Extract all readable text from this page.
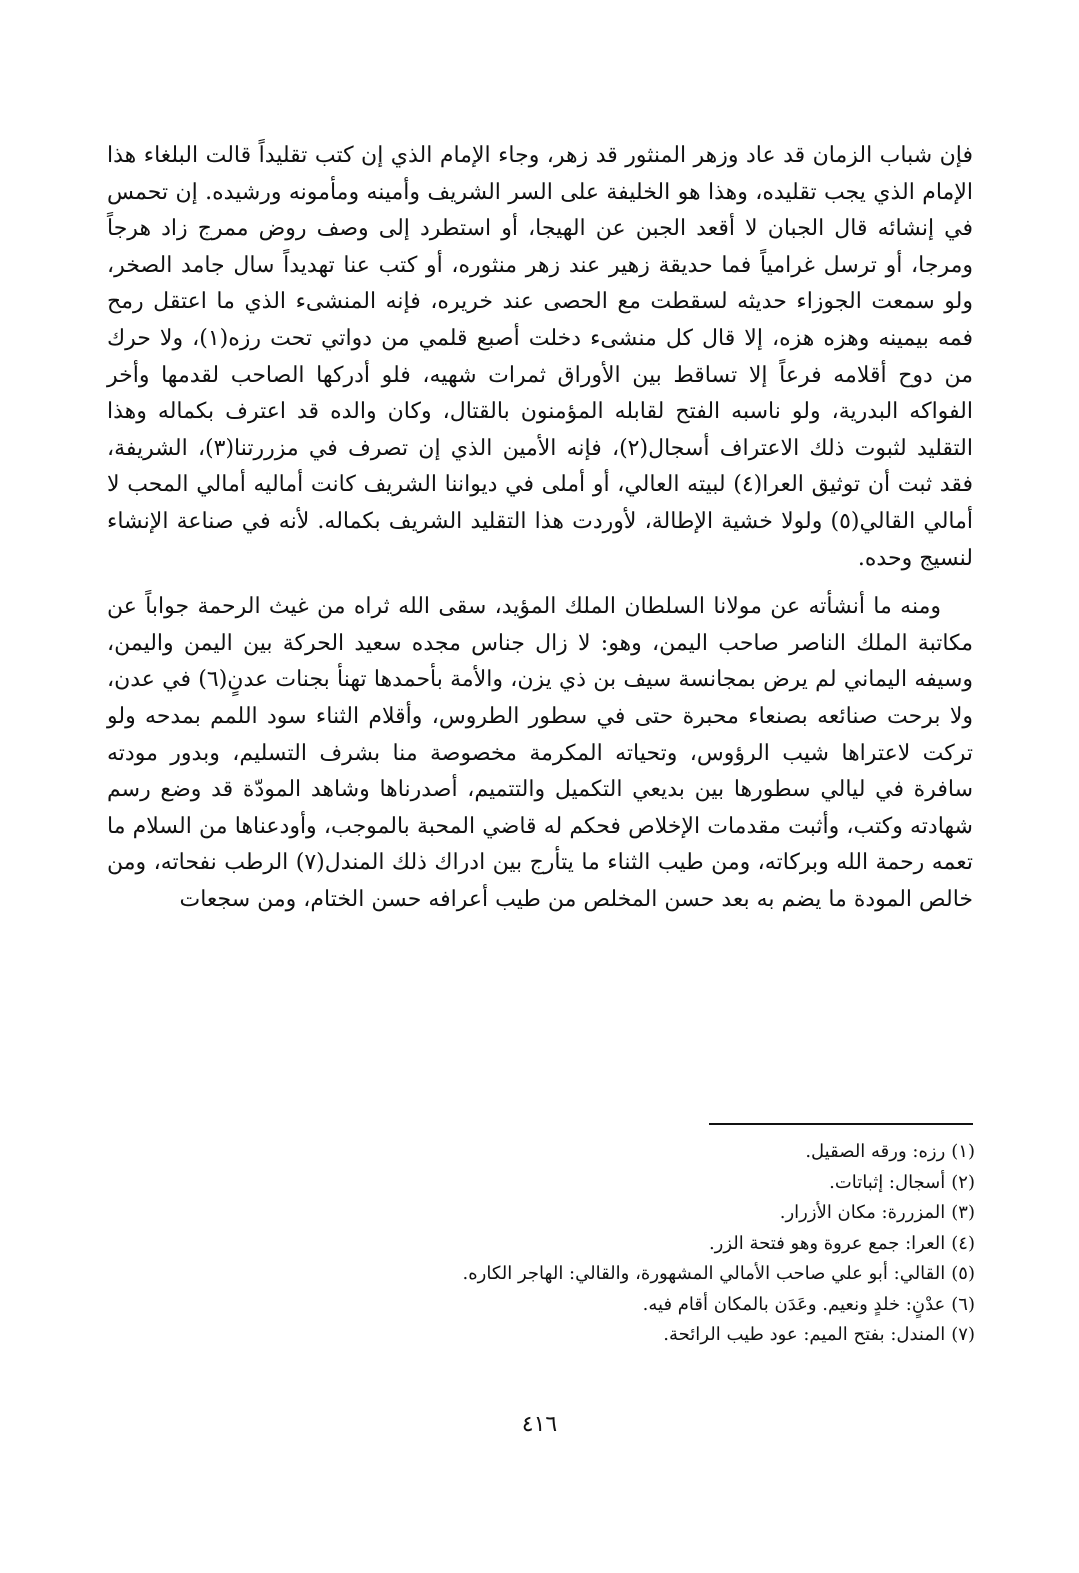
فإن شباب الزمان قد عاد وزهر المنثور قد زهر، وجاء الإمام الذي إن كتب تقليداً قالت البلغاء هذا الإمام الذي يجب تقليده، وهذا هو الخليفة على السر الشريف وأمينه ومأمونه ورشيده. إن تحمس في إنشائه قال الجبان لا أقعد الجبن عن الهيجا، أو استطرد إلى وصف روض ممرج زاد هرجاً ومرجا، أو ترسل غرامياً فما حديقة زهير عند زهر منثوره، أو كتب عنا تهديداً سال جامد الصخر، ولو سمعت الجوزاء حديثه لسقطت مع الحصى عند خريره، فإنه المنشىء الذي ما اعتقل رمح فمه بيمينه وهزه هزه، إلا قال كل منشىء دخلت أصبع قلمي من دواتي تحت رزه(١)، ولا حرك من دوح أقلامه فرعاً إلا تساقط بين الأوراق ثمرات شهيه، فلو أدركها الصاحب لقدمها وأخر الفواكه البدرية، ولو ناسبه الفتح لقابله المؤمنون بالقتال، وكان والده قد اعترف بكماله وهذا التقليد لثبوت ذلك الاعتراف أسجال(٢)، فإنه الأمين الذي إن تصرف في مزررتنا(٣)، الشريفة، فقد ثبت أن توثيق العرا(٤) لبيته العالي، أو أملى في ديواننا الشريف كانت أماليه أمالي المحب لا أمالي القالي(٥) ولولا خشية الإطالة، لأوردت هذا التقليد الشريف بكماله. لأنه في صناعة الإنشاء لنسيج وحده.

ومنه ما أنشأته عن مولانا السلطان الملك المؤيد، سقى الله ثراه من غيث الرحمة جواباً عن مكاتبة الملك الناصر صاحب اليمن، وهو: لا زال جناس مجده سعيد الحركة بين اليمن واليمن، وسيفه اليماني لم يرض بمجانسة سيف بن ذي يزن، والأمة بأحمدها تهنأ بجنات عدنٍ(٦) في عدن، ولا برحت صنائعه بصنعاء محبرة حتى في سطور الطروس، وأقلام الثناء سود اللمم بمدحه ولو تركت لاعتراها شيب الرؤوس، وتحياته المكرمة مخصوصة منا بشرف التسليم، وبدور مودته سافرة في ليالي سطورها بين بديعي التكميل والتتميم، أصدرناها وشاهد المودّة قد وضع رسم شهادته وكتب، وأثبت مقدمات الإخلاص فحكم له قاضي المحبة بالموجب، وأودعناها من السلام ما تعمه رحمة الله وبركاته، ومن طيب الثناء ما يتأرج بين ادراك ذلك المندل(٧) الرطب نفحاته، ومن خالص المودة ما يضم به بعد حسن المخلص من طيب أعرافه حسن الختام، ومن سجعات

(١)رزه: ورقه الصقيل.
(٢)أسجال: إثباتات.
(٣)المزررة: مكان الأزرار.
(٤)العرا: جمع عروة وهو فتحة الزر.
(٥)القالي: أبو علي صاحب الأمالي المشهورة، والقالي: الهاجر الكاره.
(٦)عدْنٍ: خلدٍ ونعيم. وعَدَن بالمكان أقام فيه.
(٧)المندل: بفتح الميم: عود طيب الرائحة.
٤١٦
